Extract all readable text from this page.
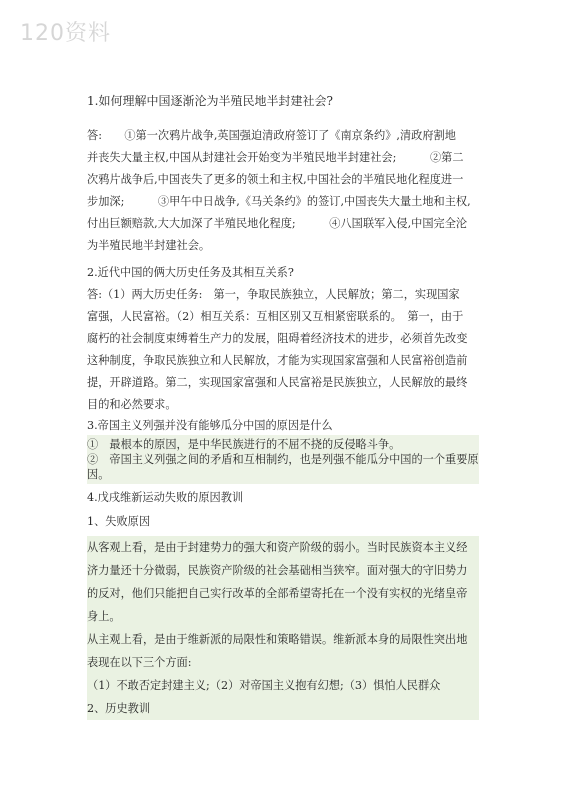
120资料
1.如何理解中国逐渐沦为半殖民地半封建社会?
答:　　①第一次鸦片战争,英国强迫清政府签订了《南京条约》,清政府割地
并丧失大量主权,中国从封建社会开始变为半殖民地半封建社会;　　　②第二
次鸦片战争后,中国丧失了更多的领土和主权,中国社会的半殖民地化程度进一
步加深;　　　③甲午中日战争,《马关条约》的签订,中国丧失大量土地和主权,
付出巨额赔款,大大加深了半殖民地化程度;　　　④八国联军入侵,中国完全沦
为半殖民地半封建社会。
2.近代中国的俩大历史任务及其相互关系?
答:（1）两大历史任务:　第一，争取民族独立，人民解放；第二，实现国家
富强，人民富裕。（2）相互关系：互相区别又互相紧密联系的。　第一，由于
腐朽的社会制度束缚着生产力的发展，阻碍着经济技术的进步，必须首先改变
这种制度，争取民族独立和人民解放，才能为实现国家富强和人民富裕创造前
提，开辟道路。第二，实现国家富强和人民富裕是民族独立，人民解放的最终
目的和必然要求。
3.帝国主义列强并没有能够瓜分中国的原因是什么
①　最根本的原因，是中华民族进行的不屈不挠的反侵略斗争。
②　帝国主义列强之间的矛盾和互相制约，也是列强不能瓜分中国的一个重要原
因。
4.戊戌维新运动失败的原因教训
1、失败原因
从客观上看，是由于封建势力的强大和资产阶级的弱小。当时民族资本主义经
济力量还十分微弱，民族资产阶级的社会基础相当狭窄。面对强大的守旧势力
的反对，他们只能把自己实行改革的全部希望寄托在一个没有实权的光绪皇帝
身上。
从主观上看，是由于维新派的局限性和策略错误。维新派本身的局限性突出地
表现在以下三个方面:
（1）不敢否定封建主义;（2）对帝国主义抱有幻想;（3）惧怕人民群众
2、历史教训
